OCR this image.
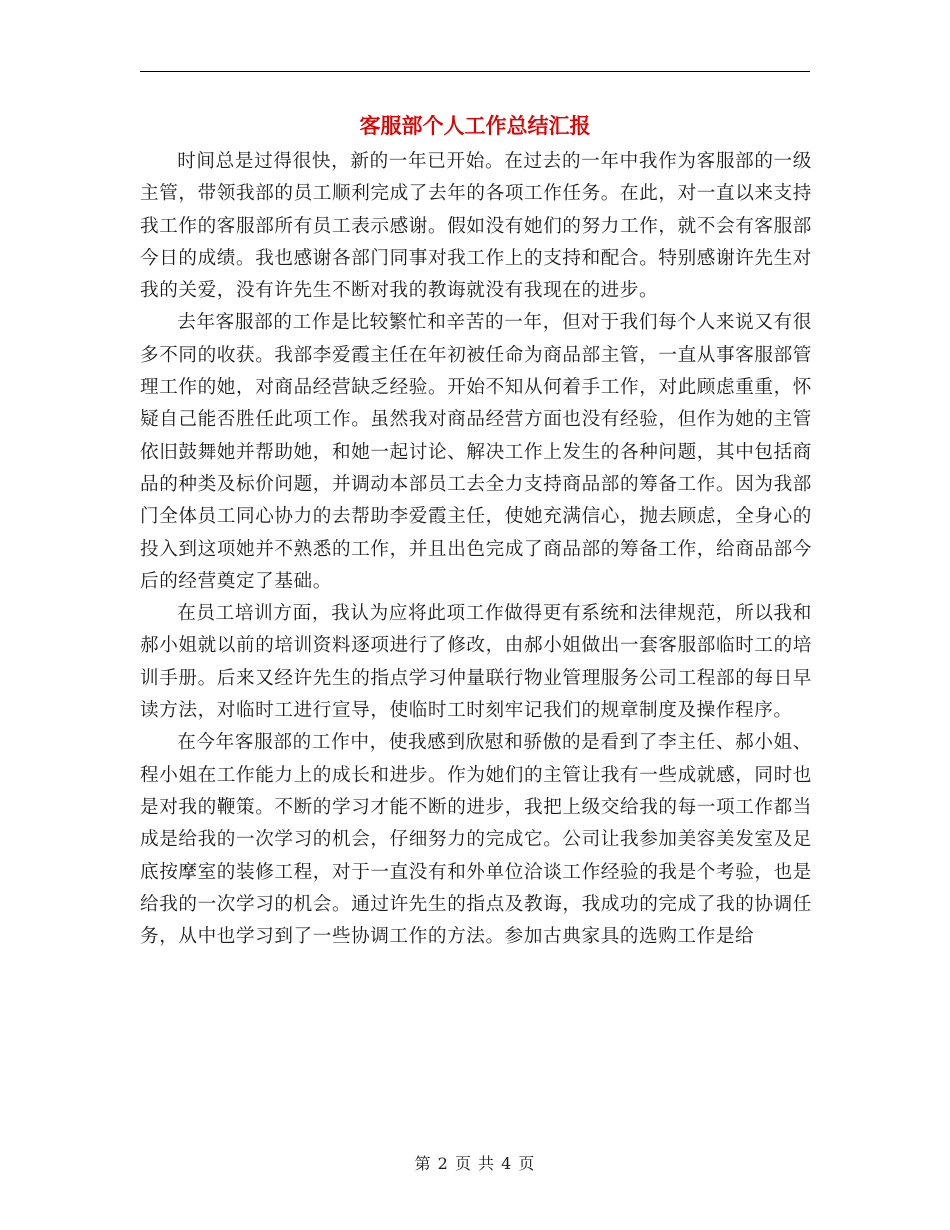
客服部个人工作总结汇报

时间总是过得很快，新的一年已开始。在过去的一年中我作为客服部的一级主管，带领我部的员工顺利完成了去年的各项工作任务。在此，对一直以来支持我工作的客服部所有员工表示感谢。假如没有她们的努力工作，就不会有客服部今日的成绩。我也感谢各部门同事对我工作上的支持和配合。特别感谢许先生对我的关爱，没有许先生不断对我的教诲就没有我现在的进步。

去年客服部的工作是比较繁忙和辛苦的一年，但对于我们每个人来说又有很多不同的收获。我部李爱霞主任在年初被任命为商品部主管，一直从事客服部管理工作的她，对商品经营缺乏经验。开始不知从何着手工作，对此顾虑重重，怀疑自己能否胜任此项工作。虽然我对商品经营方面也没有经验，但作为她的主管依旧鼓舞她并帮助她，和她一起讨论、解决工作上发生的各种问题，其中包括商品的种类及标价问题，并调动本部员工去全力支持商品部的筹备工作。因为我部门全体员工同心协力的去帮助李爱霞主任，使她充满信心，抛去顾虑，全身心的投入到这项她并不熟悉的工作，并且出色完成了商品部的筹备工作，给商品部今后的经营奠定了基础。

在员工培训方面，我认为应将此项工作做得更有系统和法律规范，所以我和郝小姐就以前的培训资料逐项进行了修改，由郝小姐做出一套客服部临时工的培训手册。后来又经许先生的指点学习仲量联行物业管理服务公司工程部的每日早读方法，对临时工进行宣导，使临时工时刻牢记我们的规章制度及操作程序。

在今年客服部的工作中，使我感到欣慰和骄傲的是看到了李主任、郝小姐、程小姐在工作能力上的成长和进步。作为她们的主管让我有一些成就感，同时也是对我的鞭策。不断的学习才能不断的进步，我把上级交给我的每一项工作都当成是给我的一次学习的机会，仔细努力的完成它。公司让我参加美容美发室及足底按摩室的装修工程，对于一直没有和外单位洽谈工作经验的我是个考验，也是给我的一次学习的机会。通过许先生的指点及教诲，我成功的完成了我的协调任务，从中也学习到了一些协调工作的方法。参加古典家具的选购工作是给

第 2 页 共 4 页
